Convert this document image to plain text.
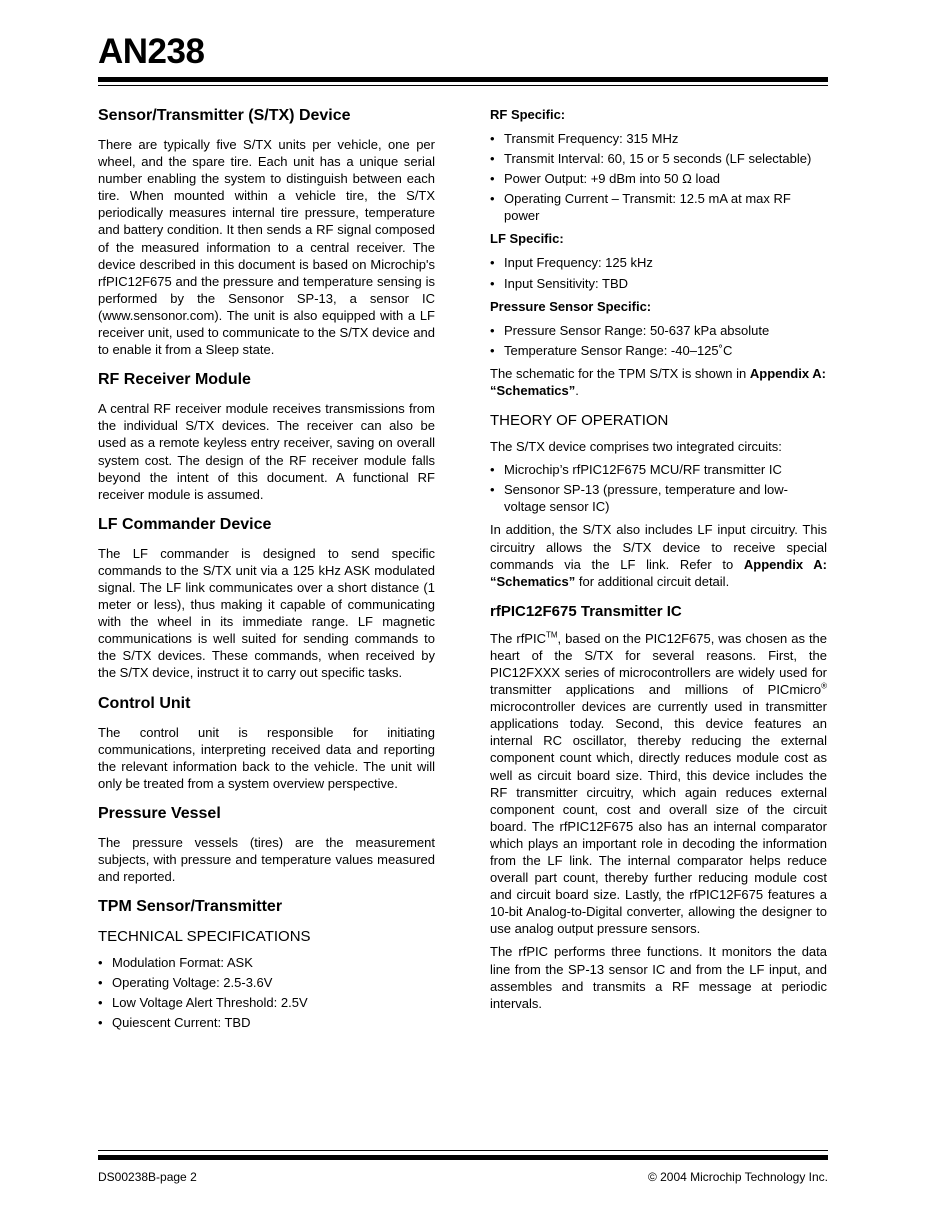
AN238
Sensor/Transmitter (S/TX) Device

There are typically five S/TX units per vehicle, one per wheel, and the spare tire. Each unit has a unique serial number enabling the system to distinguish between each tire. When mounted within a vehicle tire, the S/TX periodically measures internal tire pressure, temperature and battery condition. It then sends a RF signal composed of the measured information to a central receiver. The device described in this document is based on Microchip's rfPIC12F675 and the pressure and temperature sensing is performed by the Sensonor SP-13, a sensor IC (www.sensonor.com). The unit is also equipped with a LF receiver unit, used to communicate to the S/TX device and to enable it from a Sleep state.

RF Receiver Module

A central RF receiver module receives transmissions from the individual S/TX devices. The receiver can also be used as a remote keyless entry receiver, saving on overall system cost. The design of the RF receiver module falls beyond the intent of this document. A functional RF receiver module is assumed.

LF Commander Device

The LF commander is designed to send specific commands to the S/TX unit via a 125 kHz ASK modulated signal. The LF link communicates over a short distance (1 meter or less), thus making it capable of communicating with the wheel in its immediate range. LF magnetic communications is well suited for sending commands to the S/TX devices. These commands, when received by the S/TX device, instruct it to carry out specific tasks.

Control Unit

The control unit is responsible for initiating communications, interpreting received data and reporting the relevant information back to the vehicle. The unit will only be treated from a system overview perspective.

Pressure Vessel

The pressure vessels (tires) are the measurement subjects, with pressure and temperature values measured and reported.

TPM Sensor/Transmitter
TECHNICAL SPECIFICATIONS
• Modulation Format: ASK
• Operating Voltage: 2.5-3.6V
• Low Voltage Alert Threshold: 2.5V
• Quiescent Current: TBD
RF Specific:
• Transmit Frequency: 315 MHz
• Transmit Interval: 60, 15 or 5 seconds (LF selectable)
• Power Output: +9 dBm into 50 Ω load
• Operating Current – Transmit: 12.5 mA at max RF power
LF Specific:
• Input Frequency: 125 kHz
• Input Sensitivity: TBD
Pressure Sensor Specific:
• Pressure Sensor Range: 50-637 kPa absolute
• Temperature Sensor Range: -40–125˚C

The schematic for the TPM S/TX is shown in Appendix A: “Schematics”.

THEORY OF OPERATION

The S/TX device comprises two integrated circuits:

• Microchip’s rfPIC12F675 MCU/RF transmitter IC
• Sensonor SP-13 (pressure, temperature and low-voltage sensor IC)

In addition, the S/TX also includes LF input circuitry. This circuitry allows the S/TX device to receive special commands via the LF link. Refer to Appendix A: “Schematics” for additional circuit detail.

rfPIC12F675 Transmitter IC

The rfPIC™, based on the PIC12F675, was chosen as the heart of the S/TX for several reasons. First, the PIC12FXXX series of microcontrollers are widely used for transmitter applications and millions of PICmicro® microcontroller devices are currently used in transmitter applications today. Second, this device features an internal RC oscillator, thereby reducing the external component count which, directly reduces module cost as well as circuit board size. Third, this device includes the RF transmitter circuitry, which again reduces external component count, cost and overall size of the circuit board. The rfPIC12F675 also has an internal comparator which plays an important role in decoding the information from the LF link. The internal comparator helps reduce overall part count, thereby further reducing module cost and circuit board size. Lastly, the rfPIC12F675 features a 10-bit Analog-to-Digital converter, allowing the designer to use analog output pressure sensors.

The rfPIC performs three functions. It monitors the data line from the SP-13 sensor IC and from the LF input, and assembles and transmits a RF message at periodic intervals.

DS00238B-page 2	© 2004 Microchip Technology Inc.
